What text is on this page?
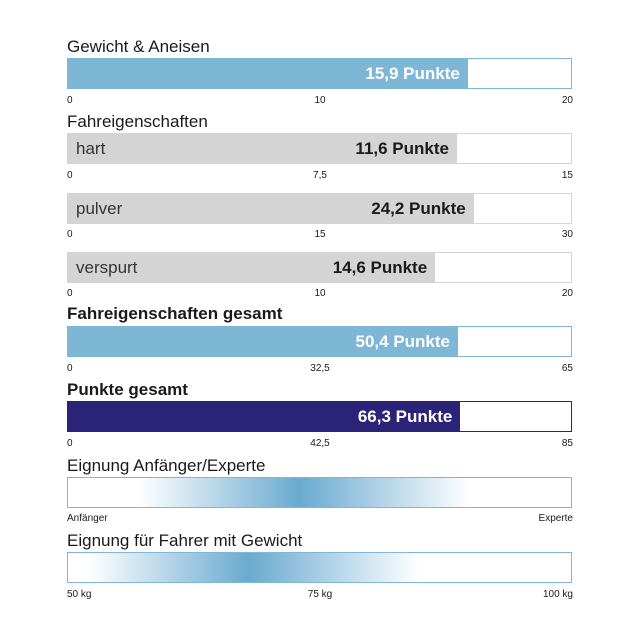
Gewicht & Aneisen
15,9 Punkte
0	10	20
Fahreigenschaften
hart	11,6 Punkte
0	7,5	15
pulver	24,2 Punkte
0	15	30
verspurt	14,6 Punkte
0	10	20
Fahreigenschaften gesamt
50,4 Punkte
0	32,5	65
Punkte gesamt
66,3 Punkte
0	42,5	85
Eignung Anfänger/Experte
Anfänger	Experte
Eignung für Fahrer mit Gewicht
50 kg	75 kg	100 kg
